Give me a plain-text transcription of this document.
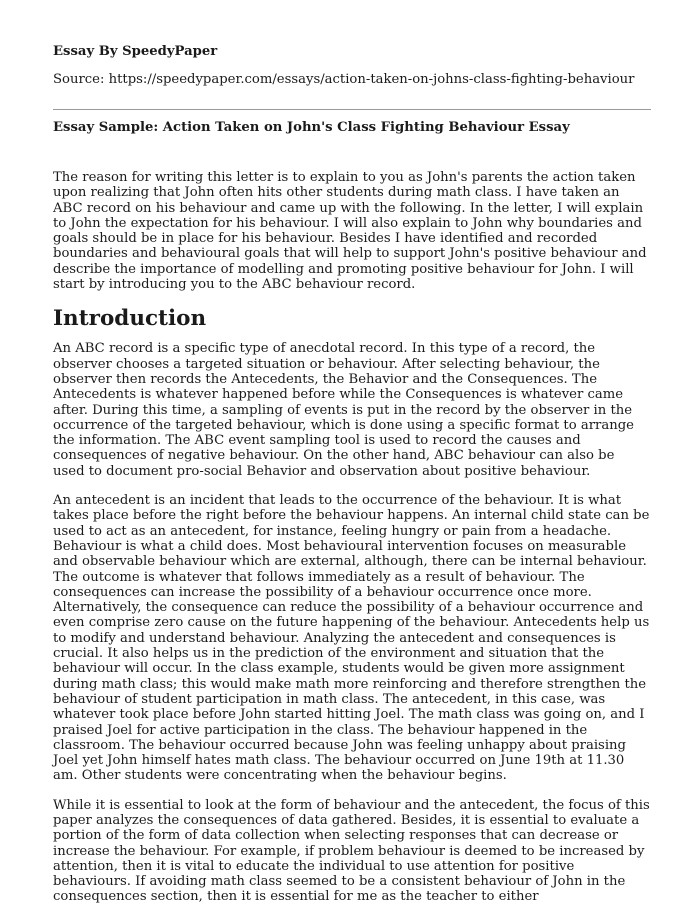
Essay By SpeedyPaper
Source: https://speedypaper.com/essays/action-taken-on-johns-class-fighting-behaviour
Essay Sample: Action Taken on John's Class Fighting Behaviour Essay

The reason for writing this letter is to explain to you as John's parents the action taken upon realizing that John often hits other students during math class. I have taken an ABC record on his behaviour and came up with the following. In the letter, I will explain to John the expectation for his behaviour. I will also explain to John why boundaries and goals should be in place for his behaviour. Besides I have identified and recorded boundaries and behavioural goals that will help to support John's positive behaviour and describe the importance of modelling and promoting positive behaviour for John. I will start by introducing you to the ABC behaviour record.

Introduction

An ABC record is a specific type of anecdotal record. In this type of a record, the observer chooses a targeted situation or behaviour. After selecting behaviour, the observer then records the Antecedents, the Behavior and the Consequences. The Antecedents is whatever happened before while the Consequences is whatever came after. During this time, a sampling of events is put in the record by the observer in the occurrence of the targeted behaviour, which is done using a specific format to arrange the information. The ABC event sampling tool is used to record the causes and consequences of negative behaviour. On the other hand, ABC behaviour can also be used to document pro-social Behavior and observation about positive behaviour.

An antecedent is an incident that leads to the occurrence of the behaviour. It is what takes place before the right before the behaviour happens. An internal child state can be used to act as an antecedent, for instance, feeling hungry or pain from a headache. Behaviour is what a child does. Most behavioural intervention focuses on measurable and observable behaviour which are external, although, there can be internal behaviour. The outcome is whatever that follows immediately as a result of behaviour. The consequences can increase the possibility of a behaviour occurrence once more. Alternatively, the consequence can reduce the possibility of a behaviour occurrence and even comprise zero cause on the future happening of the behaviour. Antecedents help us to modify and understand behaviour. Analyzing the antecedent and consequences is crucial. It also helps us in the prediction of the environment and situation that the behaviour will occur. In the class example, students would be given more assignment during math class; this would make math more reinforcing and therefore strengthen the behaviour of student participation in math class. The antecedent, in this case, was whatever took place before John started hitting Joel. The math class was going on, and I praised Joel for active participation in the class. The behaviour happened in the classroom. The behaviour occurred because John was feeling unhappy about praising Joel yet John himself hates math class. The behaviour occurred on June 19th at 11.30 am. Other students were concentrating when the behaviour begins.

While it is essential to look at the form of behaviour and the antecedent, the focus of this paper analyzes the consequences of data gathered. Besides, it is essential to evaluate a portion of the form of data collection when selecting responses that can decrease or increase the behaviour. For example, if problem behaviour is deemed to be increased by attention, then it is vital to educate the individual to use attention for positive behaviours. If avoiding math class seemed to be a consistent behaviour of John in the consequences section, then it is essential for me as the teacher to either
